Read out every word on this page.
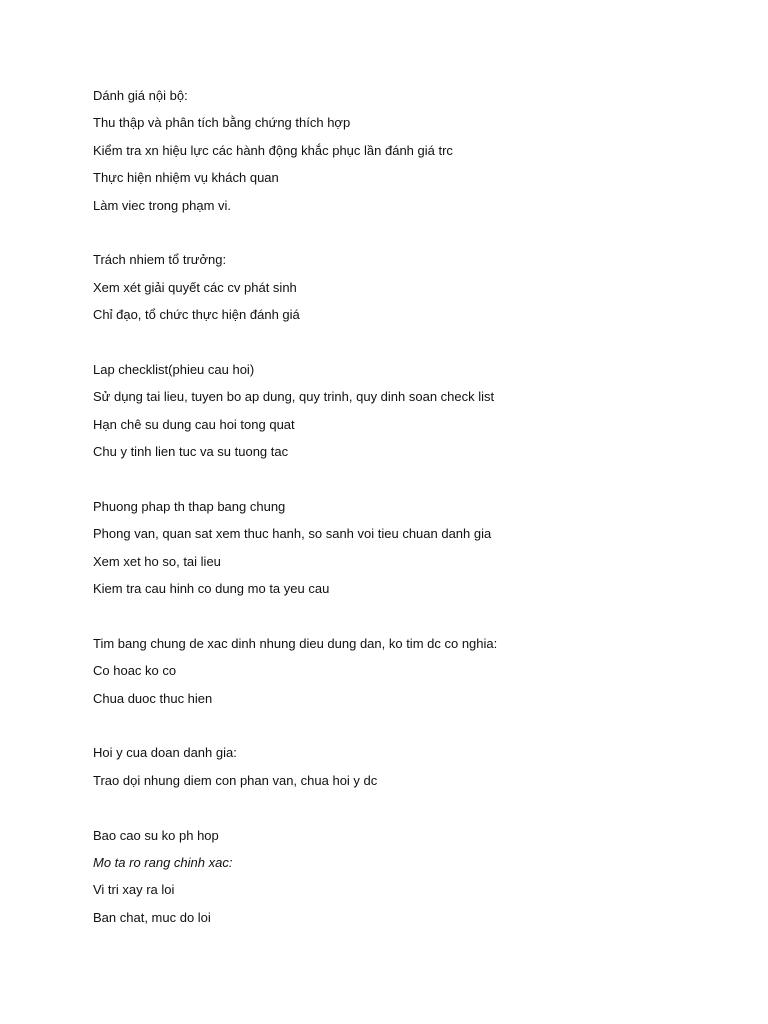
Dánh giá nội bộ:
Thu thập và phân tích bằng chứng thích hợp
Kiểm tra xn hiệu lực các hành động khắc phục lần đánh giá trc
Thực hiện nhiệm vụ khách quan
Làm viec trong phạm vi.
Trách nhiem tổ trưởng:
Xem xét giải quyết các cv phát sinh
Chỉ đạo, tổ chức thực hiện đánh giá
Lap checklist(phieu cau hoi)
Sử dụng tai lieu, tuyen bo ap dung, quy trinh, quy dinh soan check list
Hạn chê su dung cau hoi tong quat
Chu y tinh lien tuc va su tuong tac
Phuong phap th thap bang chung
Phong van, quan sat xem thuc hanh, so sanh voi tieu chuan danh gia
Xem xet ho so, tai lieu
Kiem tra cau hinh co dung mo ta yeu cau
Tim bang chung de xac dinh nhung dieu dung dan, ko tim dc co nghia:
Co hoac ko co
Chua duoc thuc hien
Hoi y cua doan danh gia:
Trao dọi nhung diem con phan van, chua hoi y dc
Bao cao su ko ph hop
Mo ta ro rang chinh xac:
Vi tri xay ra loi
Ban chat, muc do loi
